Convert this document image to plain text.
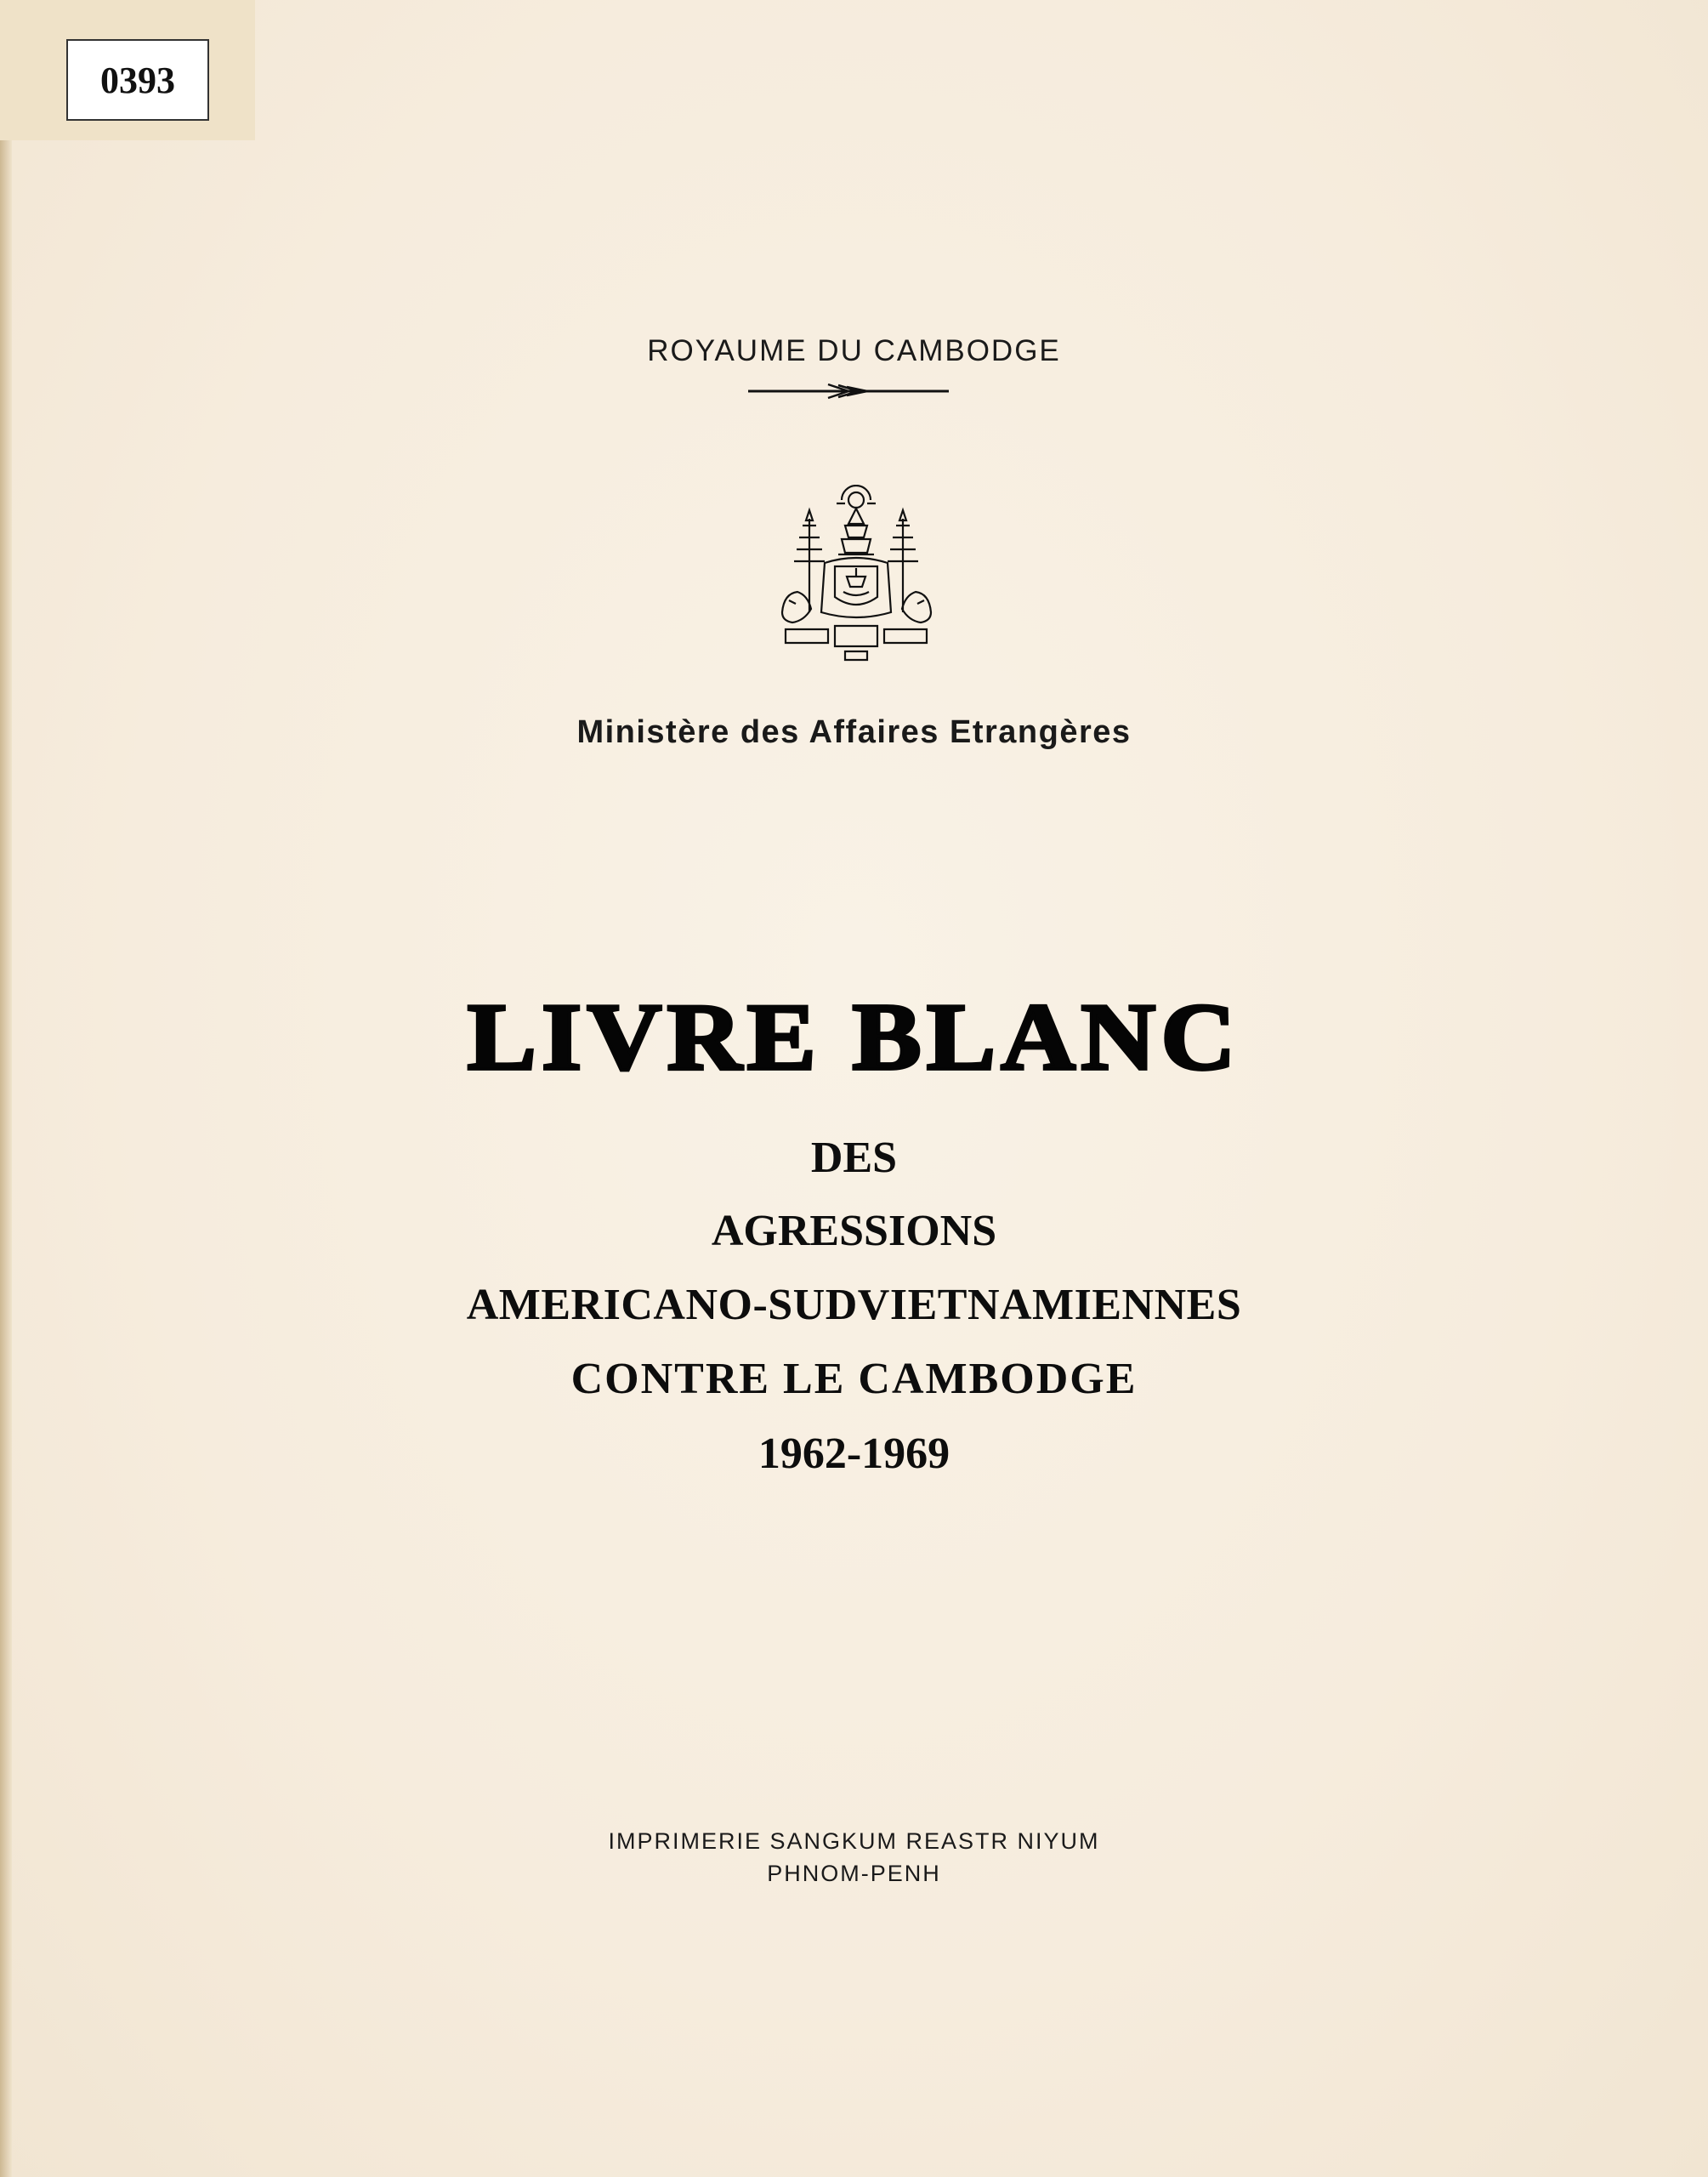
0393
ROYAUME DU CAMBODGE
Ministère des Affaires Etrangères
LIVRE BLANC
DES
AGRESSIONS
AMERICANO-SUDVIETNAMIENNES
CONTRE LE CAMBODGE
1962-1969
IMPRIMERIE SANGKUM REASTR NIYUM
PHNOM-PENH
